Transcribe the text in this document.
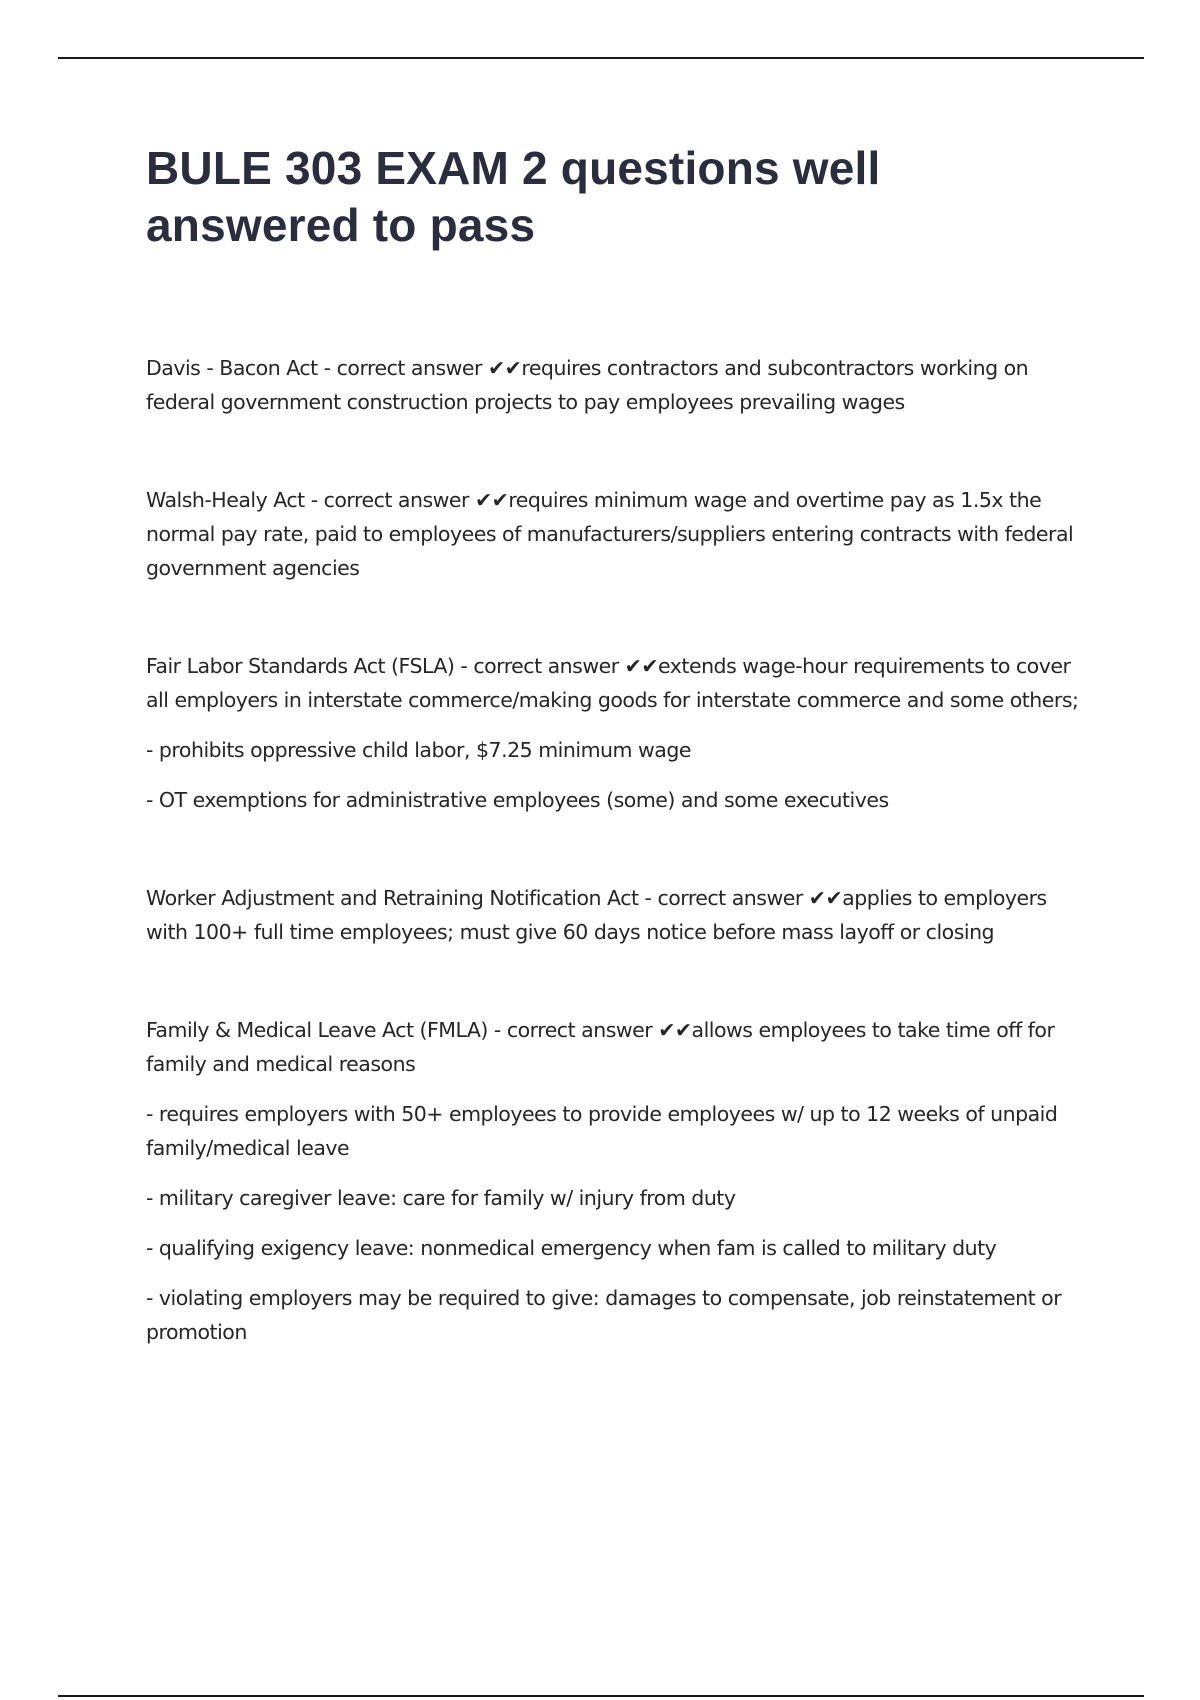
BULE 303 EXAM 2 questions well answered to pass

Davis - Bacon Act - correct answer ✔✔requires contractors and subcontractors working on federal government construction projects to pay employees prevailing wages

Walsh-Healy Act - correct answer ✔✔requires minimum wage and overtime pay as 1.5x the normal pay rate, paid to employees of manufacturers/suppliers entering contracts with federal government agencies

Fair Labor Standards Act (FSLA) - correct answer ✔✔extends wage-hour requirements to cover all employers in interstate commerce/making goods for interstate commerce and some others;

- prohibits oppressive child labor, $7.25 minimum wage

- OT exemptions for administrative employees (some) and some executives

Worker Adjustment and Retraining Notification Act - correct answer ✔✔applies to employers with 100+ full time employees; must give 60 days notice before mass layoff or closing

Family & Medical Leave Act (FMLA) - correct answer ✔✔allows employees to take time off for family and medical reasons

- requires employers with 50+ employees to provide employees w/ up to 12 weeks of unpaid family/medical leave

- military caregiver leave: care for family w/ injury from duty

- qualifying exigency leave: nonmedical emergency when fam is called to military duty

- violating employers may be required to give: damages to compensate, job reinstatement or promotion
